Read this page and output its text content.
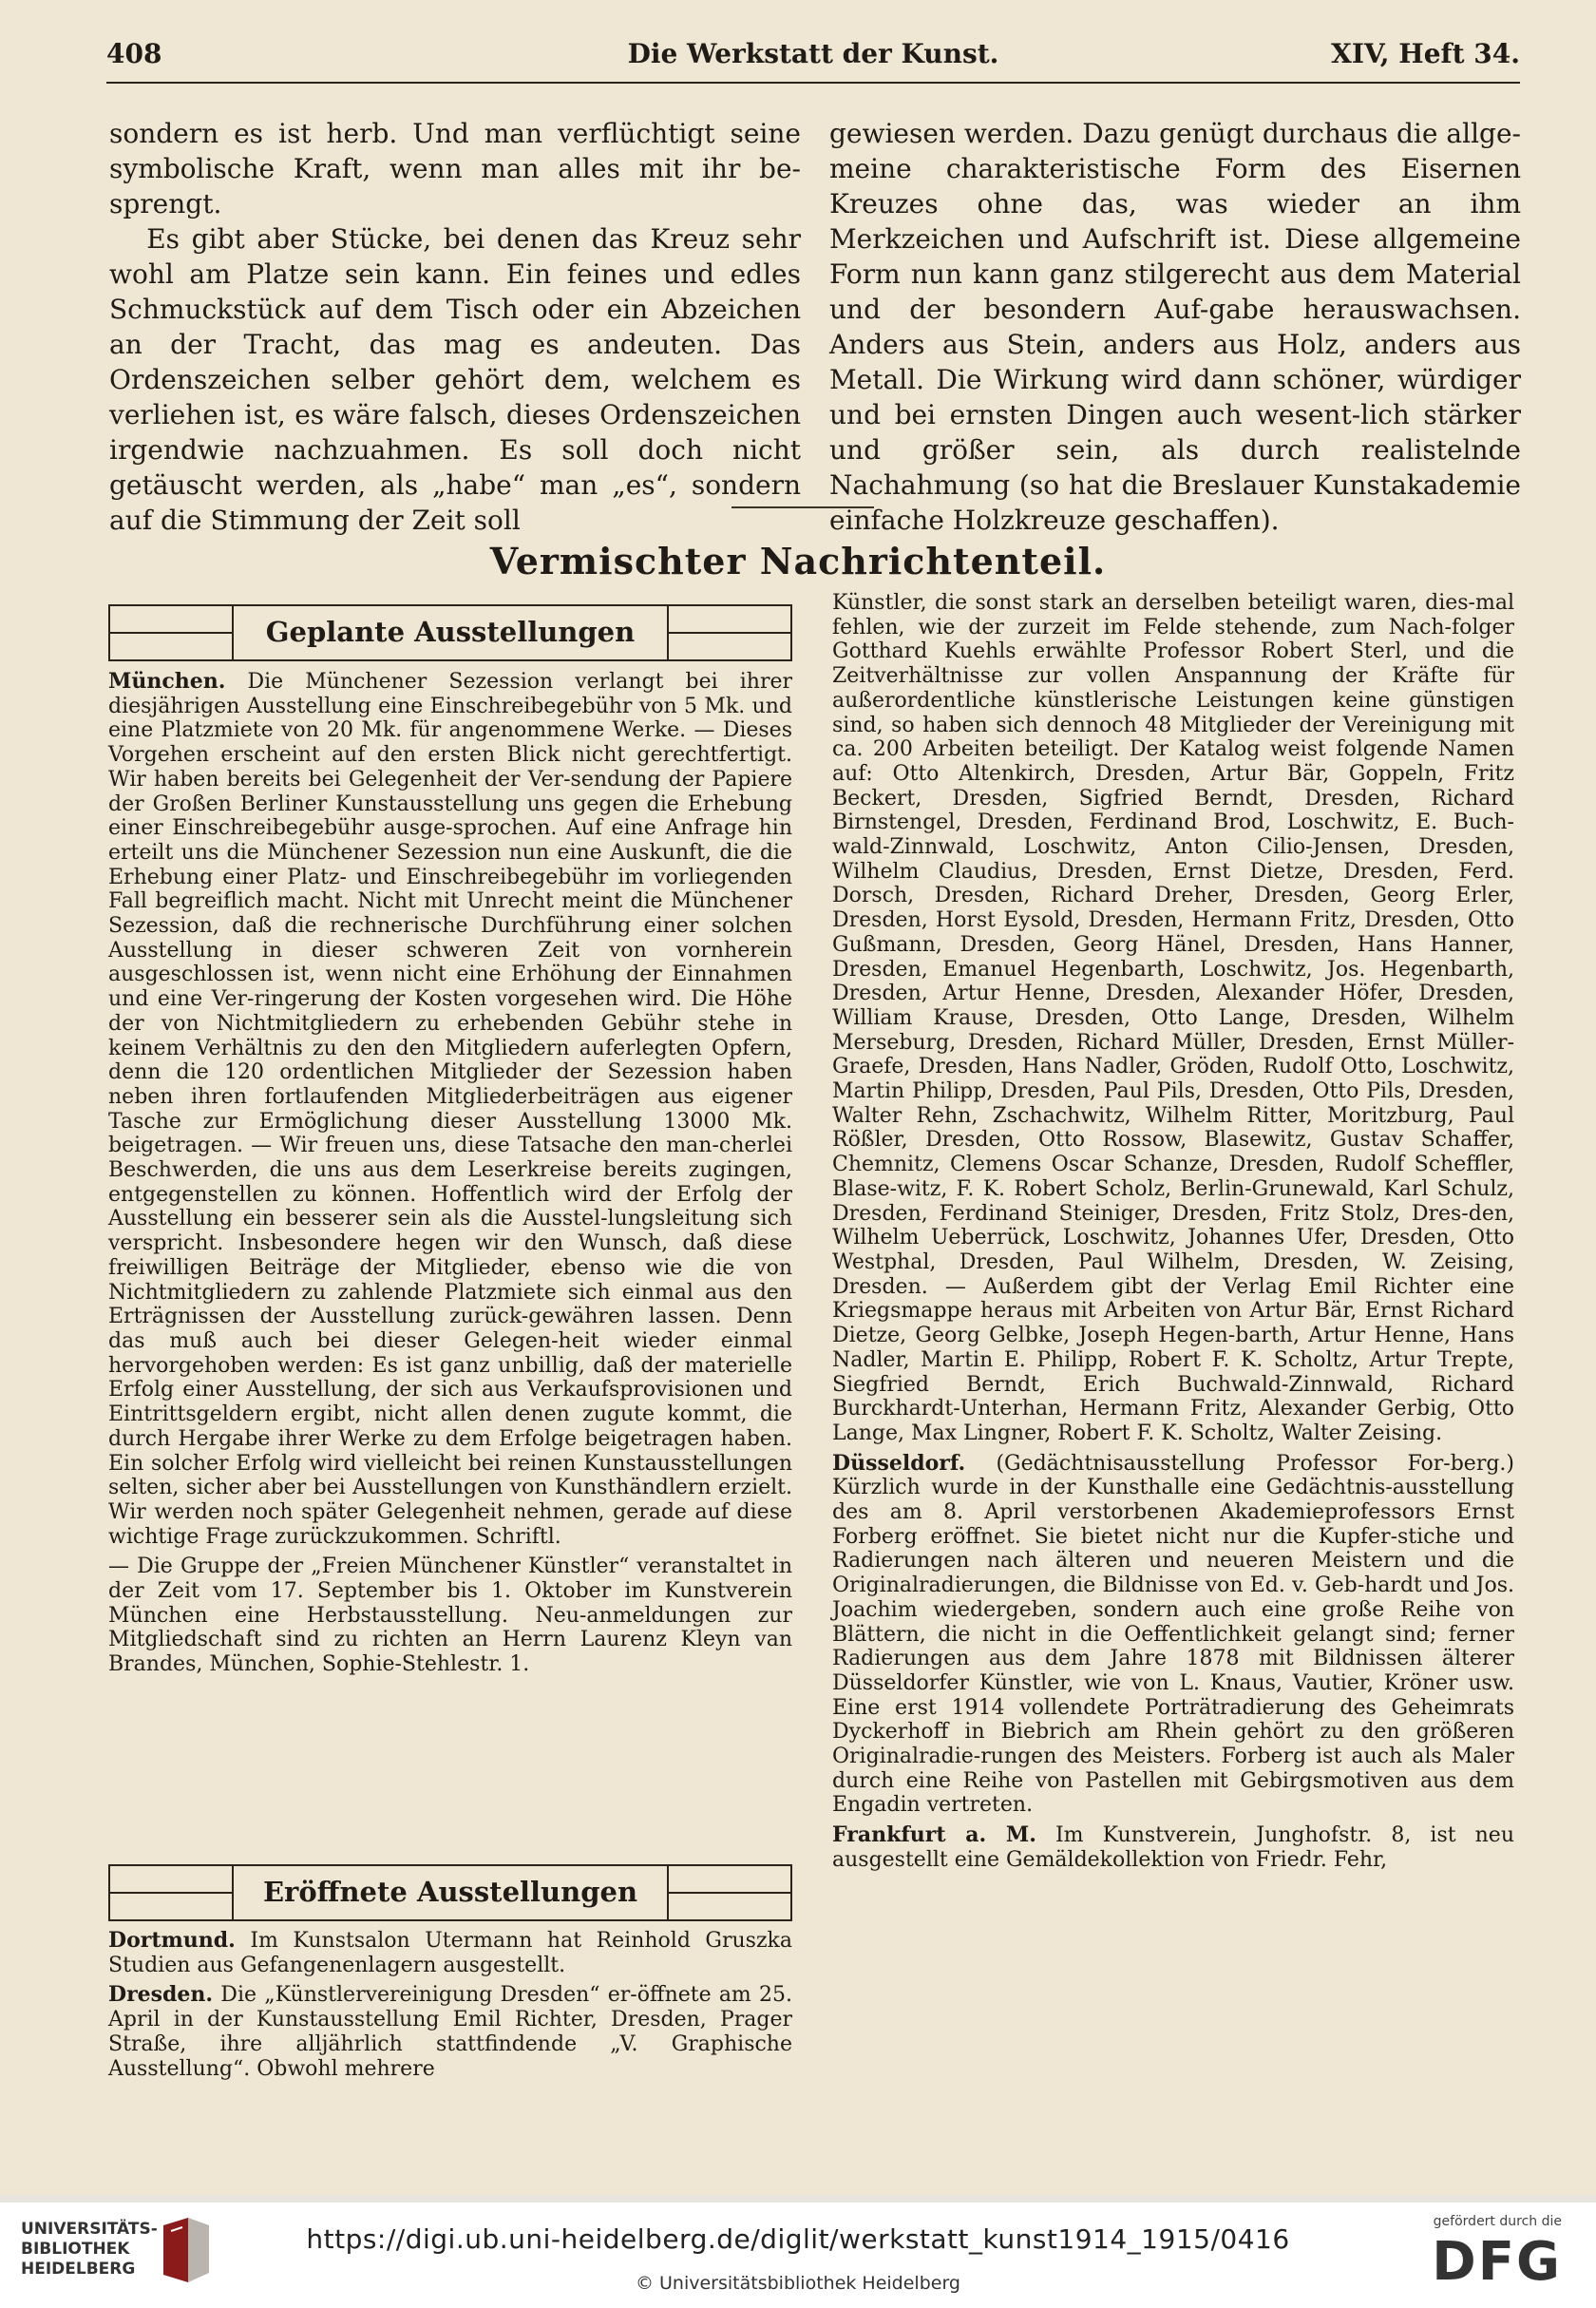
408	Die Werkstatt der Kunst.	XIV, Heft 34.

sondern es ist herb. Und man verflüchtigt seine symbolische Kraft, wenn man alles mit ihr be-sprengt.

Es gibt aber Stücke, bei denen das Kreuz sehr wohl am Platze sein kann. Ein feines und edles Schmuckstück auf dem Tisch oder ein Abzeichen an der Tracht, das mag es andeuten. Das Ordenszeichen selber gehört dem, welchem es verliehen ist, es wäre falsch, dieses Ordenszeichen irgendwie nachzuahmen. Es soll doch nicht getäuscht werden, als „habe“ man „es“, sondern auf die Stimmung der Zeit soll

gewiesen werden. Dazu genügt durchaus die allge-meine charakteristische Form des Eisernen Kreuzes ohne das, was wieder an ihm Merkzeichen und Aufschrift ist. Diese allgemeine Form nun kann ganz stilgerecht aus dem Material und der besondern Auf-gabe herauswachsen. Anders aus Stein, anders aus Holz, anders aus Metall. Die Wirkung wird dann schöner, würdiger und bei ernsten Dingen auch wesent-lich stärker und größer sein, als durch realistelnde Nachahmung (so hat die Breslauer Kunstakademie einfache Holzkreuze geschaffen).

Vermischter Nachrichtenteil.
Geplante Ausstellungen

München. Die Münchener Sezession verlangt bei ihrer diesjährigen Ausstellung eine Einschreibegebühr von 5 Mk. und eine Platzmiete von 20 Mk. für angenommene Werke. — Dieses Vorgehen erscheint auf den ersten Blick nicht gerechtfertigt. Wir haben bereits bei Gelegenheit der Ver-sendung der Papiere der Großen Berliner Kunstausstellung uns gegen die Erhebung einer Einschreibegebühr ausge-sprochen. Auf eine Anfrage hin erteilt uns die Münchener Sezession nun eine Auskunft, die die Erhebung einer Platz- und Einschreibegebühr im vorliegenden Fall begreiflich macht. Nicht mit Unrecht meint die Münchener Sezession, daß die rechnerische Durchführung einer solchen Ausstellung in dieser schweren Zeit von vornherein ausgeschlossen ist, wenn nicht eine Erhöhung der Einnahmen und eine Ver-ringerung der Kosten vorgesehen wird. Die Höhe der von Nichtmitgliedern zu erhebenden Gebühr stehe in keinem Verhältnis zu den den Mitgliedern auferlegten Opfern, denn die 120 ordentlichen Mitglieder der Sezession haben neben ihren fortlaufenden Mitgliederbeiträgen aus eigener Tasche zur Ermöglichung dieser Ausstellung 13000 Mk. beigetragen. — Wir freuen uns, diese Tatsache den man-cherlei Beschwerden, die uns aus dem Leserkreise bereits zugingen, entgegenstellen zu können. Hoffentlich wird der Erfolg der Ausstellung ein besserer sein als die Ausstel-lungsleitung sich verspricht. Insbesondere hegen wir den Wunsch, daß diese freiwilligen Beiträge der Mitglieder, ebenso wie die von Nichtmitgliedern zu zahlende Platzmiete sich einmal aus den Erträgnissen der Ausstellung zurück-gewähren lassen. Denn das muß auch bei dieser Gelegen-heit wieder einmal hervorgehoben werden: Es ist ganz unbillig, daß der materielle Erfolg einer Ausstellung, der sich aus Verkaufsprovisionen und Eintrittsgeldern ergibt, nicht allen denen zugute kommt, die durch Hergabe ihrer Werke zu dem Erfolge beigetragen haben. Ein solcher Erfolg wird vielleicht bei reinen Kunstausstellungen selten, sicher aber bei Ausstellungen von Kunsthändlern erzielt. Wir werden noch später Gelegenheit nehmen, gerade auf diese wichtige Frage zurückzukommen. Schriftl.

— Die Gruppe der „Freien Münchener Künstler“ veranstaltet in der Zeit vom 17. September bis 1. Oktober im Kunstverein München eine Herbstausstellung. Neu-anmeldungen zur Mitgliedschaft sind zu richten an Herrn Laurenz Kleyn van Brandes, München, Sophie-Stehlestr. 1.

Eröffnete Ausstellungen

Dortmund. Im Kunstsalon Utermann hat Reinhold Gruszka Studien aus Gefangenenlagern ausgestellt.

Dresden. Die „Künstlervereinigung Dresden“ er-öffnete am 25. April in der Kunstausstellung Emil Richter, Dresden, Prager Straße, ihre alljährlich stattfindende „V. Graphische Ausstellung“. Obwohl mehrere

Künstler, die sonst stark an derselben beteiligt waren, dies-mal fehlen, wie der zurzeit im Felde stehende, zum Nach-folger Gotthard Kuehls erwählte Professor Robert Sterl, und die Zeitverhältnisse zur vollen Anspannung der Kräfte für außerordentliche künstlerische Leistungen keine günstigen sind, so haben sich dennoch 48 Mitglieder der Vereinigung mit ca. 200 Arbeiten beteiligt. Der Katalog weist folgende Namen auf: Otto Altenkirch, Dresden, Artur Bär, Goppeln, Fritz Beckert, Dresden, Sigfried Berndt, Dresden, Richard Birnstengel, Dresden, Ferdinand Brod, Loschwitz, E. Buch-wald-Zinnwald, Loschwitz, Anton Cilio-Jensen, Dresden, Wilhelm Claudius, Dresden, Ernst Dietze, Dresden, Ferd. Dorsch, Dresden, Richard Dreher, Dresden, Georg Erler, Dresden, Horst Eysold, Dresden, Hermann Fritz, Dresden, Otto Gußmann, Dresden, Georg Hänel, Dresden, Hans Hanner, Dresden, Emanuel Hegenbarth, Loschwitz, Jos. Hegenbarth, Dresden, Artur Henne, Dresden, Alexander Höfer, Dresden, William Krause, Dresden, Otto Lange, Dresden, Wilhelm Merseburg, Dresden, Richard Müller, Dresden, Ernst Müller-Graefe, Dresden, Hans Nadler, Gröden, Rudolf Otto, Loschwitz, Martin Philipp, Dresden, Paul Pils, Dresden, Otto Pils, Dresden, Walter Rehn, Zschachwitz, Wilhelm Ritter, Moritzburg, Paul Rößler, Dresden, Otto Rossow, Blasewitz, Gustav Schaffer, Chemnitz, Clemens Oscar Schanze, Dresden, Rudolf Scheffler, Blase-witz, F. K. Robert Scholz, Berlin-Grunewald, Karl Schulz, Dresden, Ferdinand Steiniger, Dresden, Fritz Stolz, Dres-den, Wilhelm Ueberrück, Loschwitz, Johannes Ufer, Dresden, Otto Westphal, Dresden, Paul Wilhelm, Dresden, W. Zeising, Dresden. — Außerdem gibt der Verlag Emil Richter eine Kriegsmappe heraus mit Arbeiten von Artur Bär, Ernst Richard Dietze, Georg Gelbke, Joseph Hegen-barth, Artur Henne, Hans Nadler, Martin E. Philipp, Robert F. K. Scholtz, Artur Trepte, Siegfried Berndt, Erich Buchwald-Zinnwald, Richard Burckhardt-Unterhan, Hermann Fritz, Alexander Gerbig, Otto Lange, Max Lingner, Robert F. K. Scholtz, Walter Zeising.

Düsseldorf. (Gedächtnisausstellung Professor For-berg.) Kürzlich wurde in der Kunsthalle eine Gedächtnis-ausstellung des am 8. April verstorbenen Akademieprofessors Ernst Forberg eröffnet. Sie bietet nicht nur die Kupfer-stiche und Radierungen nach älteren und neueren Meistern und die Originalradierungen, die Bildnisse von Ed. v. Geb-hardt und Jos. Joachim wiedergeben, sondern auch eine große Reihe von Blättern, die nicht in die Oeffentlichkeit gelangt sind; ferner Radierungen aus dem Jahre 1878 mit Bildnissen älterer Düsseldorfer Künstler, wie von L. Knaus, Vautier, Kröner usw. Eine erst 1914 vollendete Porträtradierung des Geheimrats Dyckerhoff in Biebrich am Rhein gehört zu den größeren Originalradie-rungen des Meisters. Forberg ist auch als Maler durch eine Reihe von Pastellen mit Gebirgsmotiven aus dem Engadin vertreten.

Frankfurt a. M. Im Kunstverein, Junghofstr. 8, ist neu ausgestellt eine Gemäldekollektion von Friedr. Fehr,

UNIVERSITÄTS-
BIBLIOTHEK
HEIDELBERG
https://digi.ub.uni-heidelberg.de/diglit/werkstatt_kunst1914_1915/0416
© Universitätsbibliothek Heidelberg
gefördert durch die
DFG
